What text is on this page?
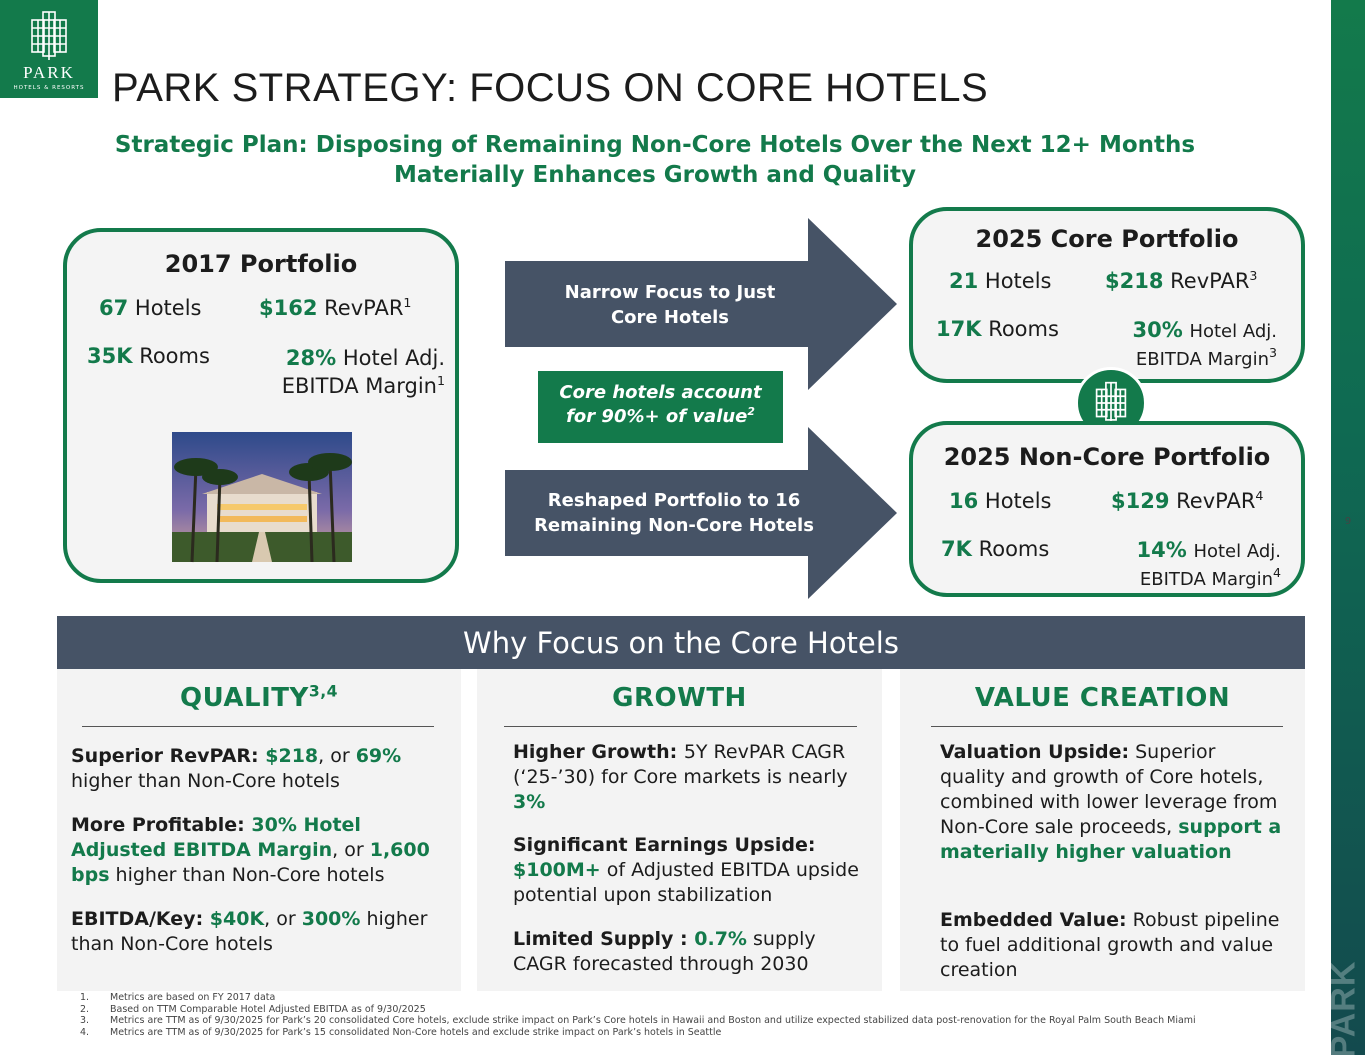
PARK
9
PARK
HOTELS & RESORTS PARK STRATEGY: FOCUS ON CORE HOTELS
Strategic Plan: Disposing of Remaining Non-Core Hotels Over the Next 12+ Months
Materially Enhances Growth and Quality
2017 Portfolio
67 Hotels	$162 RevPAR$^1$
35K Rooms	28% Hotel Adj.
EBITDA Margin$^1$
Narrow Focus to Just
Core Hotels
Core hotels account
for 90%+ of value$^2$
Reshaped Portfolio to 16
Remaining Non-Core Hotels
2025 Core Portfolio
21 Hotels	$218 RevPAR$^3$
17K Rooms	30% Hotel Adj.
EBITDA Margin$^3$
2025 Non-Core Portfolio
16 Hotels	$129 RevPAR$^4$
7K Rooms	14% Hotel Adj.
EBITDA Margin$^4$
Why Focus on the Core Hotels
QUALITY$^{3,4}$
Superior RevPAR: $218, or 69% higher than Non-Core hotels
More Profitable: 30% Hotel Adjusted EBITDA Margin, or 1,600 bps higher than Non-Core hotels
EBITDA/Key: $40K, or 300% higher than Non-Core hotels
GROWTH
Higher Growth: 5Y RevPAR CAGR (‘25-’30) for Core markets is nearly 3%
Significant Earnings Upside: $100M+ of Adjusted EBITDA upside potential upon stabilization
Limited Supply : 0.7% supply CAGR forecasted through 2030
VALUE CREATION
Valuation Upside: Superior quality and growth of Core hotels, combined with lower leverage from Non-Core sale proceeds, support a materially higher valuation
Embedded Value: Robust pipeline to fuel additional growth and value creation
1. Metrics are based on FY 2017 data
2. Based on TTM Comparable Hotel Adjusted EBITDA as of 9/30/2025
3. Metrics are TTM as of 9/30/2025 for Park’s 20 consolidated Core hotels, exclude strike impact on Park’s Core hotels in Hawaii and Boston and utilize expected stabilized data post-renovation for the Royal Palm South Beach Miami
4. Metrics are TTM as of 9/30/2025 for Park’s 15 consolidated Non-Core hotels and exclude strike impact on Park’s hotels in Seattle
